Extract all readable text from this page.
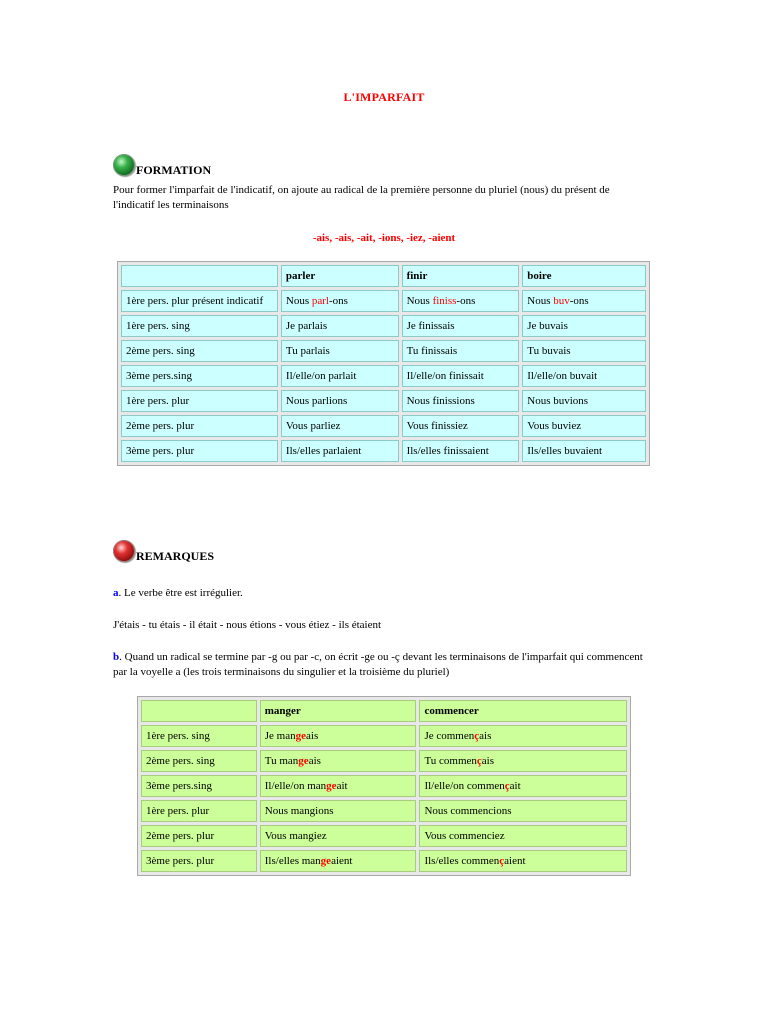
L'IMPARFAIT
FORMATION
Pour former l'imparfait de l'indicatif, on ajoute au radical de la première personne du pluriel (nous) du présent de l'indicatif les terminaisons
-ais, -ais, -ait, -ions, -iez, -aient
	parler	finir	boire
1ère pers. plur présent indicatif	Nous parl-ons	Nous finiss-ons	Nous buv-ons
1ère pers. sing	Je parlais	Je finissais	Je buvais
2ème pers. sing	Tu parlais	Tu finissais	Tu buvais
3ème pers.sing	Il/elle/on parlait	Il/elle/on finissait	Il/elle/on buvait
1ère pers. plur	Nous parlions	Nous finissions	Nous buvions
2ème pers. plur	Vous parliez	Vous finissiez	Vous buviez
3ème pers. plur	Ils/elles parlaient	Ils/elles finissaient	Ils/elles buvaient
REMARQUES
a. Le verbe être est irrégulier.
J'étais - tu étais - il était - nous étions - vous étiez - ils étaient
b. Quand un radical se termine par -g ou par -c, on écrit -ge ou -ç devant les terminaisons de l'imparfait qui commencent par la voyelle a (les trois terminaisons du singulier et la troisième du pluriel)
	manger	commencer
1ère pers. sing	Je mangeais	Je commençais
2ème pers. sing	Tu mangeais	Tu commençais
3ème pers.sing	Il/elle/on mangeait	Il/elle/on commençait
1ère pers. plur	Nous mangions	Nous commencions
2ème pers. plur	Vous mangiez	Vous commenciez
3ème pers. plur	Ils/elles mangeaient	Ils/elles commençaient
